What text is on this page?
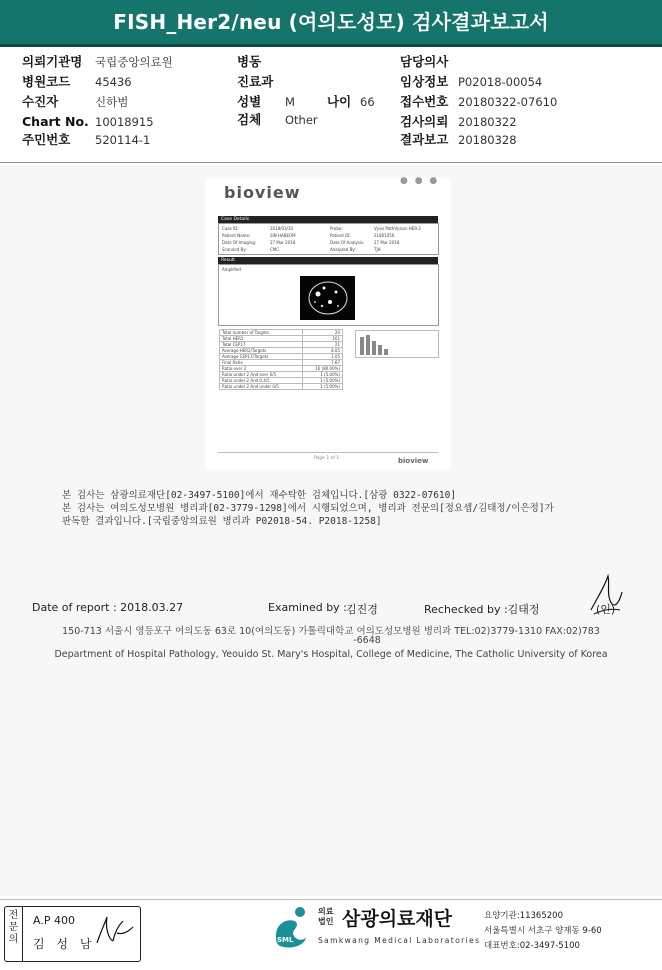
FISH_Her2/neu (여의도성모) 검사결과보고서
의뢰기관명 국립중앙의료원
병원코드 45436
수진자	신하범
Chart No. 10018915
주민번호 520114-1
병동
진료과
성별 M	나이 66
검체 Other
담당의사
임상정보 P02018-00054
접수번호 20180322-07610
검사의뢰 20180322
결과보고 20180328
bioview
● ● ●
Case Details
Case ID:	2018/03/10	Probe:	Vysis PathVysion HER-2
Patient Name:	SIN HABEOM	Patient ID:	21801056
Date Of Imaging:	27 Mar 2018	Date Of Analysis: 27 Mar 2018
Scanned By:	CMC	Analyzed By:	TJH
Result
Amplified
Total number of Targets	20
Total HER2	161
Total CEP17	21
Average HER2/Targets	8.05
Average CEP17/Targets	1.05
Final Ratio	7.67
Ratio over 2	16 (80.00%)
Ratio under 2 And over 0/5	1 (5.00%)
Ratio under 2 And 0.4/5	1 (5.00%)
Ratio under 2 And under 0/5	1 (5.00%)
Page 1 of 1	bioview
본 검사는 삼광의료재단[02-3497-5100]에서 재수탁한 검체입니다.[삼광 0322-07610]
본 검사는 여의도성모병원 병리과[02-3779-1298]에서 시행되었으며, 병리과 전문의[정요셉/김태정/이은정]가
판독한 결과입니다.[국립중앙의료원 병리과 P02018-54. P2018-1258]
Date of report : 2018.03.27	Examined by : 김진경	Rechecked by :김태정	(인)
150-713 서울시 영등포구 여의도동 63로 10(여의도동) 가톨릭대학교 여의도성모병원 병리과 TEL:02)3779-1310 FAX:02)783
-6648
Department of Hospital Pathology, Yeouido St. Mary's Hospital, College of Medicine, The Catholic University of Korea
전문의
A.P 400
김 성 남	SML
의료법인 삼광의료재단
Samkwang Medical Laboratories
요양기관:11365200
서울특별시 서초구 양재동 9-60
대표번호:02-3497-5100
